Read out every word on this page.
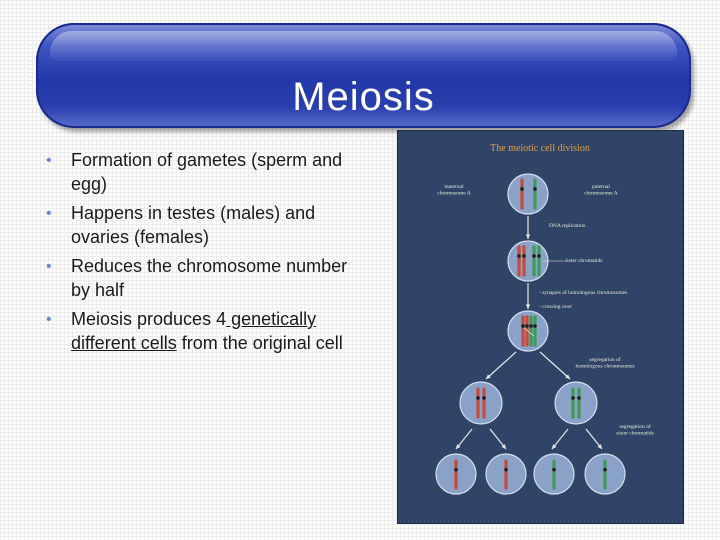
Meiosis
• Formation of gametes (sperm and egg)
• Happens in testes (males) and ovaries (females)
• Reduces the chromosome number by half
• Meiosis produces 4 genetically different cells from the original cell
The meiotic cell division
maternal
chromosome A
paternal
chromosome A
DNA replication
sister chromatids
- synapsis of homologous chromosomes
- crossing over
segregation of
homologous chromosomes
segregation of
sister chromatids
